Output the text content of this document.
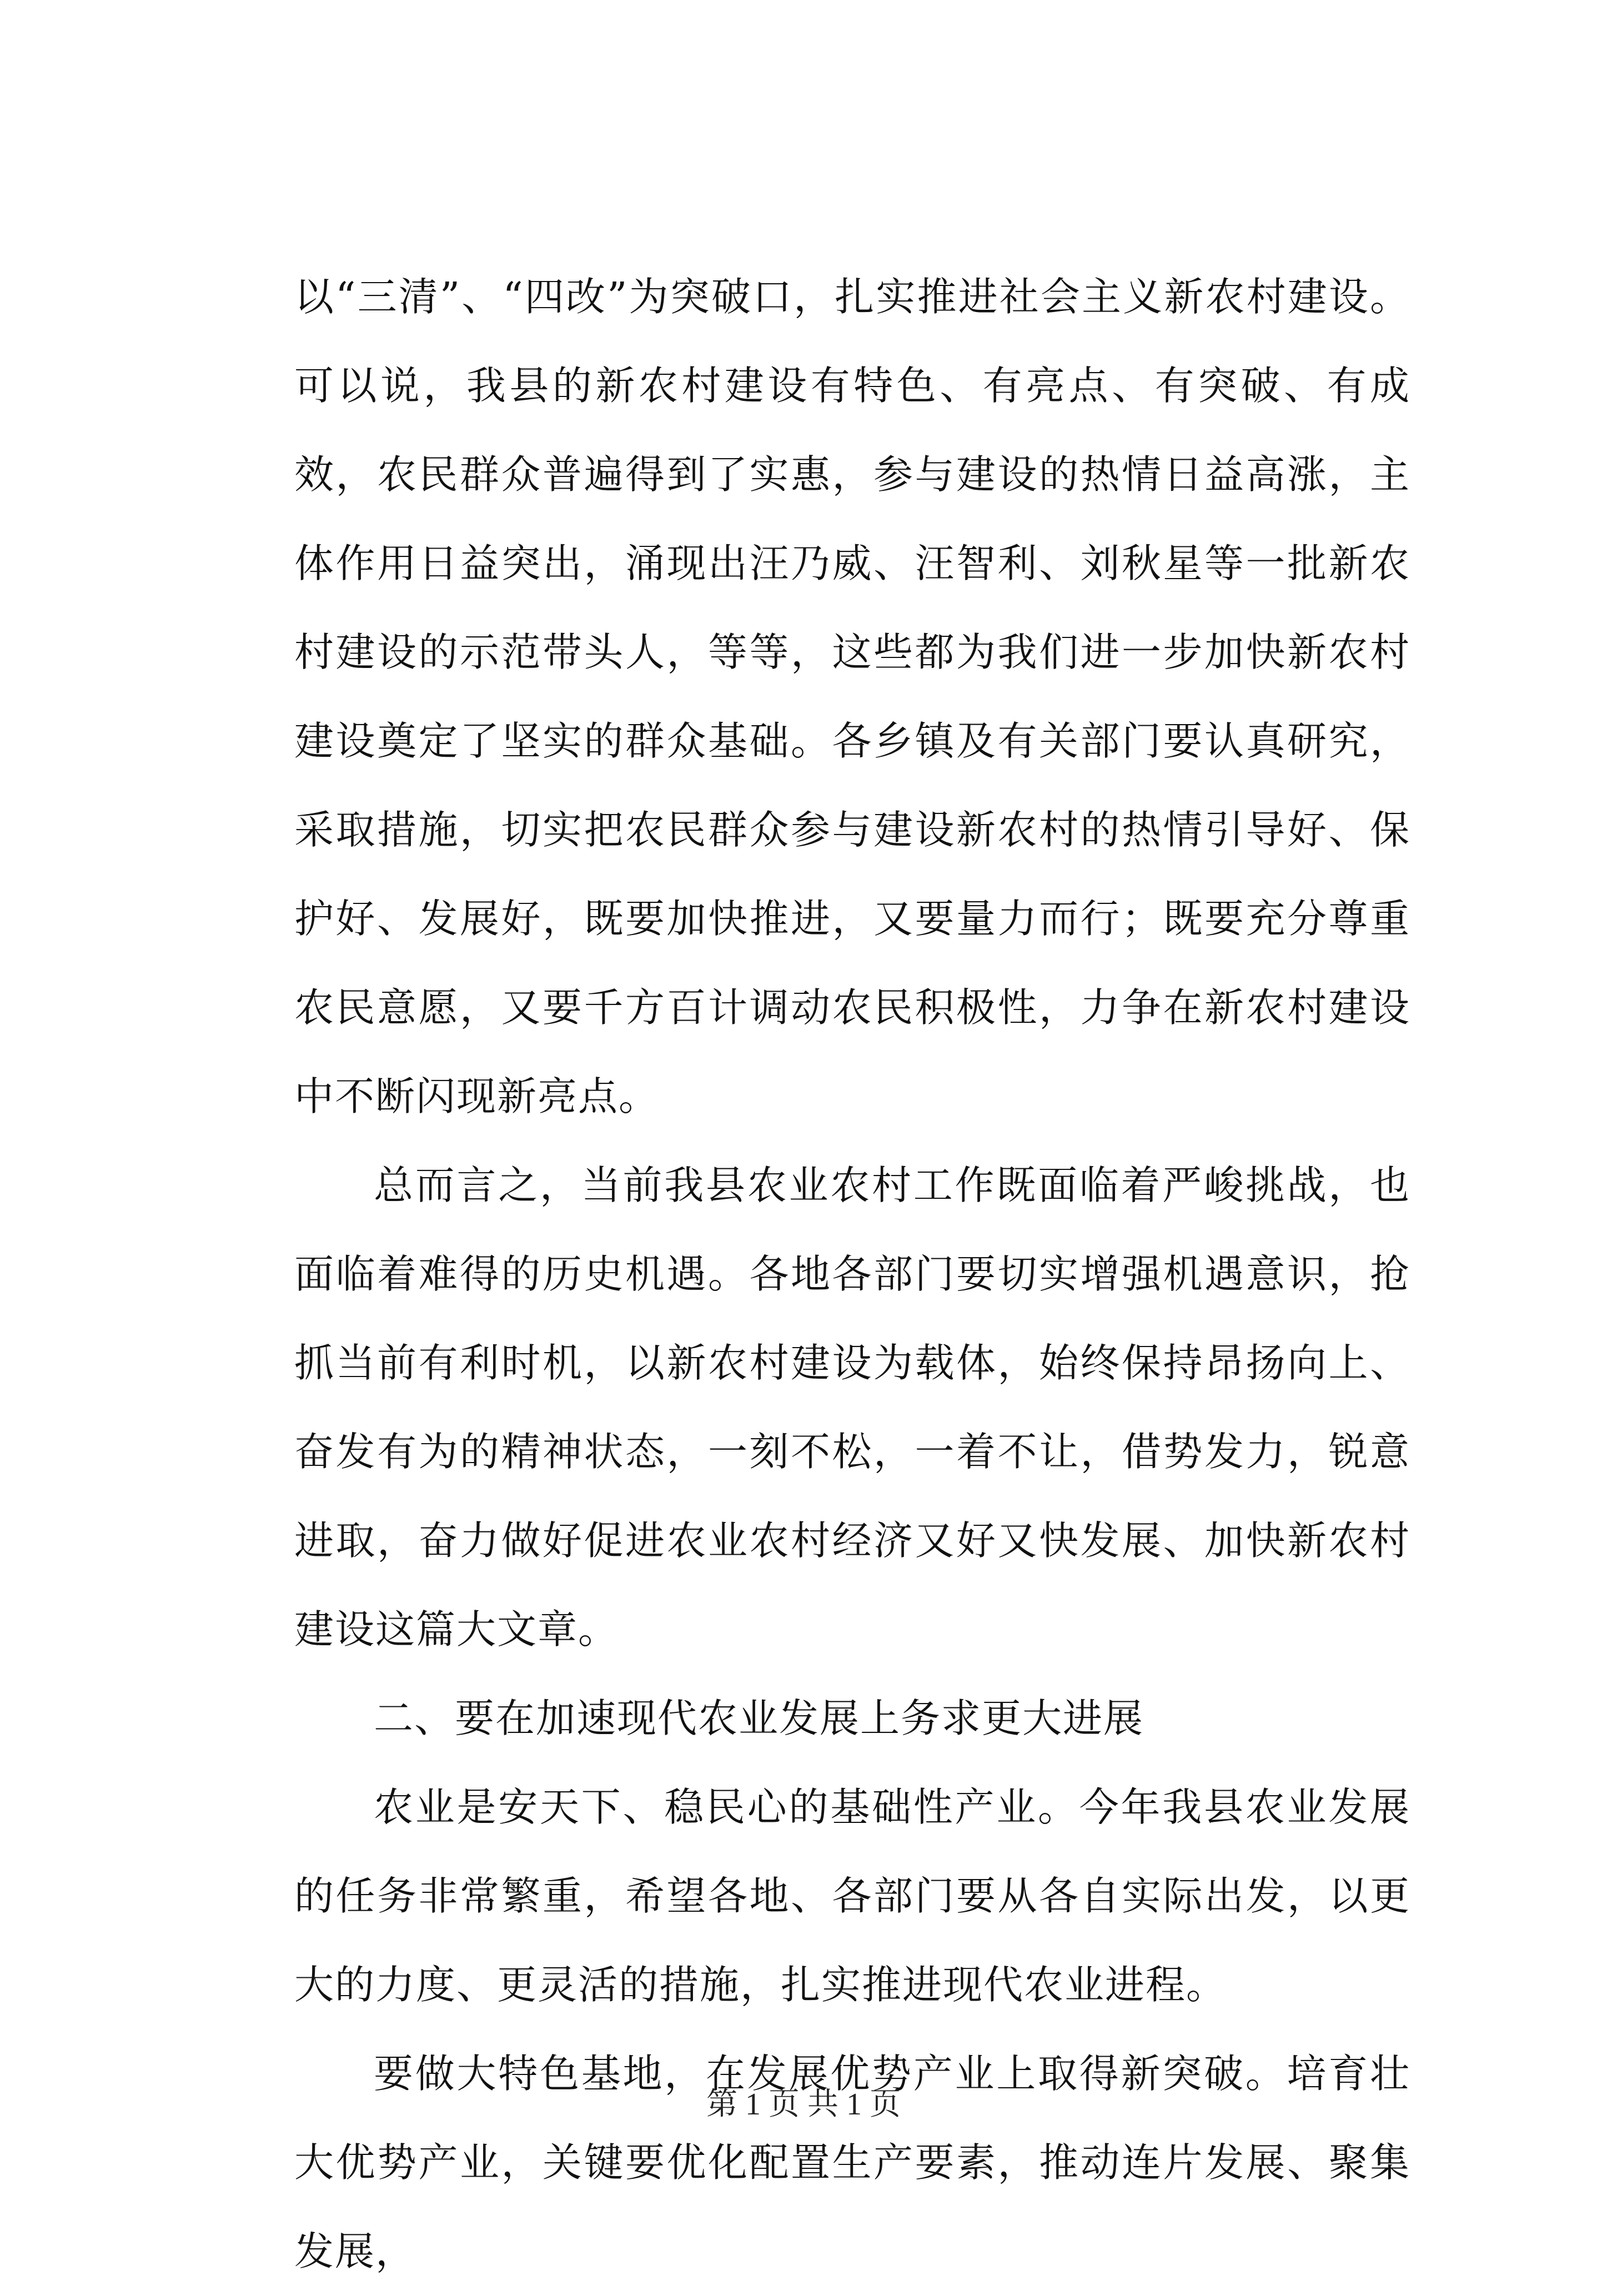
以“三清”、“四改”为突破口，扎实推进社会主义新农村建设。可以说，我县的新农村建设有特色、有亮点、有突破、有成效，农民群众普遍得到了实惠，参与建设的热情日益高涨，主体作用日益突出，涌现出汪乃威、汪智利、刘秋星等一批新农村建设的示范带头人，等等，这些都为我们进一步加快新农村建设奠定了坚实的群众基础。各乡镇及有关部门要认真研究，采取措施，切实把农民群众参与建设新农村的热情引导好、保护好、发展好，既要加快推进，又要量力而行；既要充分尊重农民意愿，又要千方百计调动农民积极性，力争在新农村建设中不断闪现新亮点。

总而言之，当前我县农业农村工作既面临着严峻挑战，也面临着难得的历史机遇。各地各部门要切实增强机遇意识，抢抓当前有利时机，以新农村建设为载体，始终保持昂扬向上、奋发有为的精神状态，一刻不松，一着不让，借势发力，锐意进取，奋力做好促进农业农村经济又好又快发展、加快新农村建设这篇大文章。

二、要在加速现代农业发展上务求更大进展

农业是安天下、稳民心的基础性产业。今年我县农业发展的任务非常繁重，希望各地、各部门要从各自实际出发，以更大的力度、更灵活的措施，扎实推进现代农业进程。

要做大特色基地，在发展优势产业上取得新突破。培育壮大优势产业，关键要优化配置生产要素，推动连片发展、聚集发展，

第 1 页 共 1 页
